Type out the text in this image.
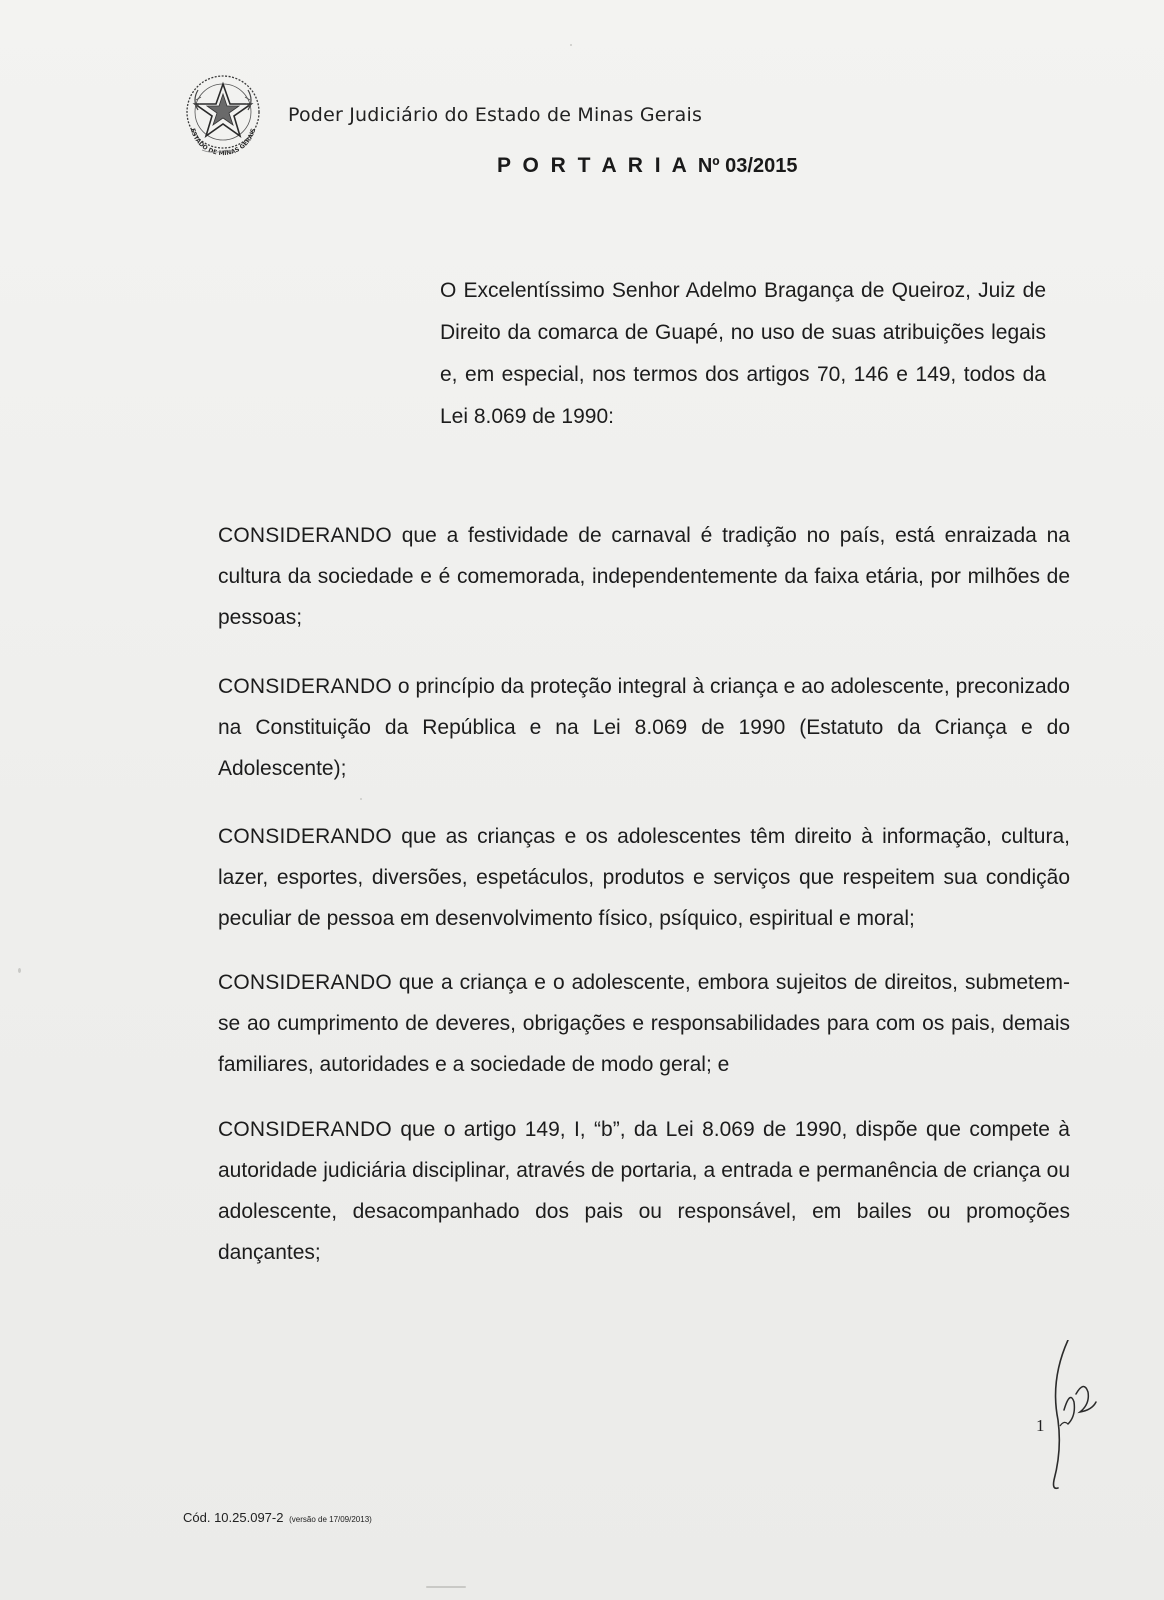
ESTADO DE MINAS GERAIS
Poder Judiciário do Estado de Minas Gerais
P O R T A R I A Nº 03/2015

O Excelentíssimo Senhor Adelmo Bragança de Queiroz, Juiz de Direito da comarca de Guapé, no uso de suas atribuições legais e, em especial, nos termos dos artigos 70, 146 e 149, todos da Lei 8.069 de 1990:

CONSIDERANDO que a festividade de carnaval é tradição no país, está enraizada na cultura da sociedade e é comemorada, independentemente da faixa etária, por milhões de pessoas;
CONSIDERANDO o princípio da proteção integral à criança e ao adolescente, preconizado na Constituição da República e na Lei 8.069 de 1990 (Estatuto da Criança e do Adolescente);
CONSIDERANDO que as crianças e os adolescentes têm direito à informação, cultura, lazer, esportes, diversões, espetáculos, produtos e serviços que respeitem sua condição peculiar de pessoa em desenvolvimento físico, psíquico, espiritual e moral;
CONSIDERANDO que a criança e o adolescente, embora sujeitos de direitos, submetem-se ao cumprimento de deveres, obrigações e responsabilidades para com os pais, demais familiares, autoridades e a sociedade de modo geral; e
CONSIDERANDO que o artigo 149, I, “b”, da Lei 8.069 de 1990, dispõe que compete à autoridade judiciária disciplinar, através de portaria, a entrada e permanência de criança ou adolescente, desacompanhado dos pais ou responsável, em bailes ou promoções dançantes;
1
Cód. 10.25.097-2 (versão de 17/09/2013)
